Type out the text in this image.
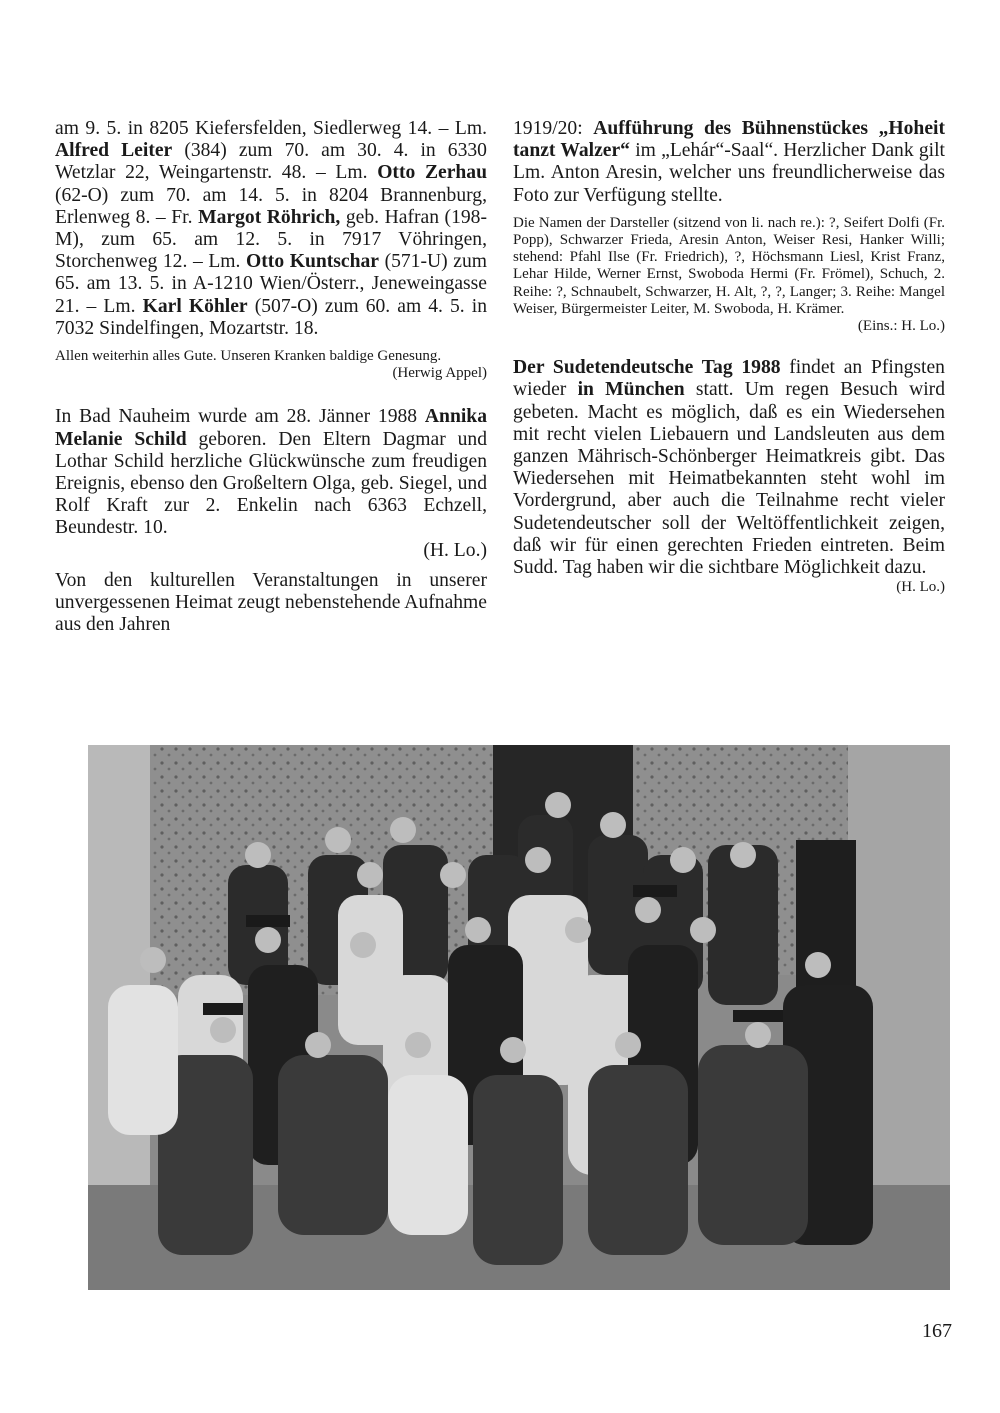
am 9. 5. in 8205 Kiefersfelden, Siedlerweg 14. – Lm. Alfred Leiter (384) zum 70. am 30. 4. in 6330 Wetzlar 22, Weingartenstr. 48. – Lm. Otto Zerhau (62-O) zum 70. am 14. 5. in 8204 Brannenburg, Erlenweg 8. – Fr. Margot Röhrich, geb. Hafran (198-M), zum 65. am 12. 5. in 7917 Vöhringen, Storchenweg 12. – Lm. Otto Kuntschar (571-U) zum 65. am 13. 5. in A-1210 Wien/Österr., Jeneweingasse 21. – Lm. Karl Köhler (507-O) zum 60. am 4. 5. in 7032 Sindelfingen, Mozartstr. 18.

Allen weiterhin alles Gute. Unseren Kranken baldige Genesung.

(Herwig Appel)

In Bad Nauheim wurde am 28. Jänner 1988 Annika Melanie Schild geboren. Den Eltern Dagmar und Lothar Schild herzliche Glückwünsche zum freudigen Ereignis, ebenso den Großeltern Olga, geb. Siegel, und Rolf Kraft zur 2. Enkelin nach 6363 Echzell, Beundestr. 10.

(H. Lo.)

Von den kulturellen Veranstaltungen in unserer unvergessenen Heimat zeugt nebenstehende Aufnahme aus den Jahren

1919/20: Aufführung des Bühnenstückes „Hoheit tanzt Walzer“ im „Lehár“-Saal“. Herzlicher Dank gilt Lm. Anton Aresin, welcher uns freundlicherweise das Foto zur Verfügung stellte.

Die Namen der Darsteller (sitzend von li. nach re.): ?, Seifert Dolfi (Fr. Popp), Schwarzer Frieda, Aresin Anton, Weiser Resi, Hanker Willi; stehend: Pfahl Ilse (Fr. Friedrich), ?, Höchsmann Liesl, Krist Franz, Lehar Hilde, Werner Ernst, Swoboda Hermi (Fr. Frömel), Schuch, 2. Reihe: ?, Schnaubelt, Schwarzer, H. Alt, ?, ?, Langer; 3. Reihe: Mangel Weiser, Bürgermeister Leiter, M. Swoboda, H. Krämer.

(Eins.: H. Lo.)

Der Sudetendeutsche Tag 1988 findet an Pfingsten wieder in München statt. Um regen Besuch wird gebeten. Macht es möglich, daß es ein Wiedersehen mit recht vielen Liebauern und Landsleuten aus dem ganzen Mährisch-Schönberger Heimatkreis gibt. Das Wiedersehen mit Heimatbekannten steht wohl im Vordergrund, aber auch die Teilnahme recht vieler Sudetendeutscher soll der Weltöffentlichkeit zeigen, daß wir für einen gerechten Frieden eintreten. Beim Sudd. Tag haben wir die sichtbare Möglichkeit dazu.

(H. Lo.)

167
